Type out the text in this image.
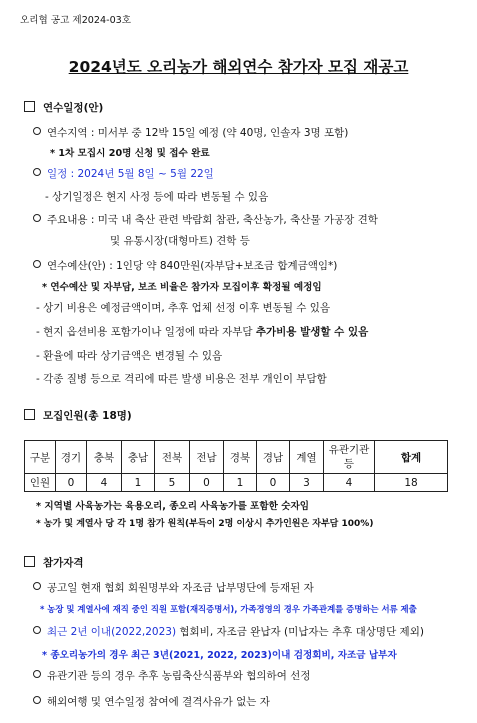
오리협 공고 제2024-03호
2024년도 오리농가 해외연수 참가자 모집 재공고
연수일정(안)
연수지역 : 미서부 중 12박 15일 예정 (약 40명, 인솔자 3명 포함)
* 1차 모집시 20명 신청 및 접수 완료
일정 : 2024년 5월 8일 ~ 5월 22일
- 상기일정은 현지 사정 등에 따라 변동될 수 있음
주요내용 : 미국 내 축산 관련 박람회 참관, 축산농가, 축산물 가공장 견학
및 유통시장(대형마트) 견학 등
연수예산(안) : 1인당 약 840만원(자부담+보조금 합계금액임*)
* 연수예산 및 자부담, 보조 비율은 참가자 모집이후 확정될 예정임
- 상기 비용은 예정금액이며, 추후 업체 선정 이후 변동될 수 있음
- 현지 옵션비용 포함가이나 일정에 따라 자부담 추가비용 발생할 수 있음
- 환율에 따라 상기금액은 변경될 수 있음
- 각종 질병 등으로 격리에 따른 발생 비용은 전부 개인이 부담함
모집인원(총 18명)
구분	경기	충북	충남	전북	전남	경북	경남	계열	유관기관 등	합계
인원	0	4	1	5	0	1	0	3	4	18
* 지역별 사육농가는 육용오리, 종오리 사육농가를 포함한 숫자임
* 농가 및 계열사 당 각 1명 참가 원칙(부득이 2명 이상시 추가인원은 자부담 100%)
참가자격
공고일 현재 협회 회원명부와 자조금 납부명단에 등재된 자
* 농장 및 계열사에 재직 중인 직원 포함(재직증명서), 가족경영의 경우 가족관계를 증명하는 서류 제출
최근 2년 이내(2022,2023) 협회비, 자조금 완납자 (미납자는 추후 대상명단 제외)
* 종오리농가의 경우 최근 3년(2021, 2022, 2023)이내 검정회비, 자조금 납부자
유관기관 등의 경우 추후 농림축산식품부와 협의하여 선정
해외여행 및 연수일정 참여에 결격사유가 없는 자
